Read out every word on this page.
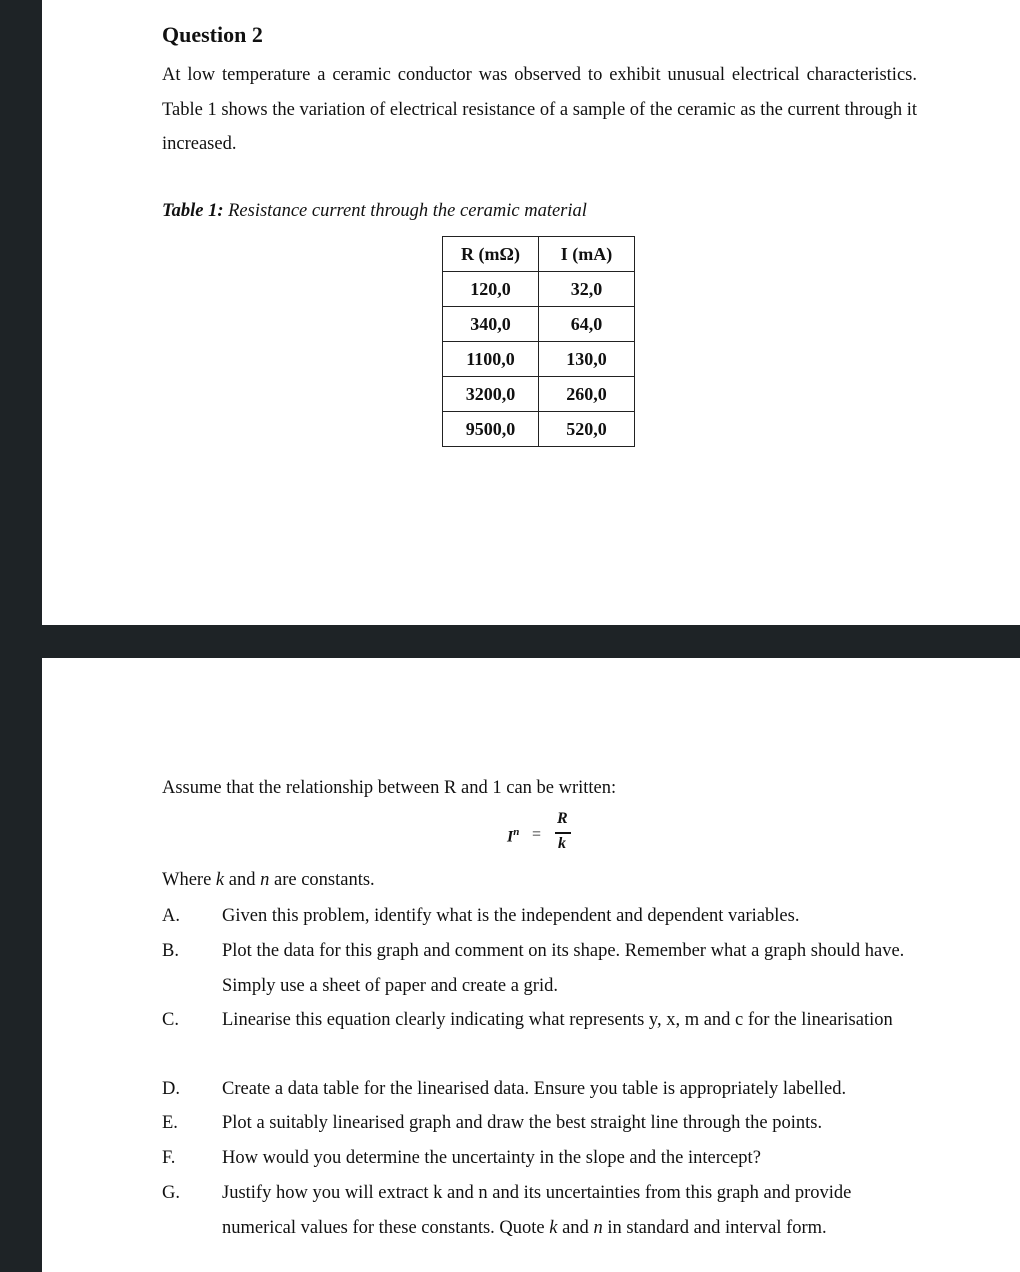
Question 2
At low temperature a ceramic conductor was observed to exhibit unusual electrical characteristics. Table 1 shows the variation of electrical resistance of a sample of the ceramic as the current through it increased.
Table 1: Resistance current through the ceramic material
R (mΩ)	I (mA)
120,0	32,0
340,0	64,0
1100,0	130,0
3200,0	260,0
9500,0	520,0
Assume that the relationship between R and 1 can be written:
$I^n$ =
R
k
Where k and n are constants.
A. Given this problem, identify what is the independent and dependent variables.
B. Plot the data for this graph and comment on its shape. Remember what a graph should have. Simply use a sheet of paper and create a grid.
C. Linearise this equation clearly indicating what represents y, x, m and c for the linearisation
D. Create a data table for the linearised data. Ensure you table is appropriately labelled.
E. Plot a suitably linearised graph and draw the best straight line through the points.
F.	How would you determine the uncertainty in the slope and the intercept?
G. Justify how you will extract k and n and its uncertainties from this graph and provide numerical values for these constants. Quote k and n in standard and interval form.
